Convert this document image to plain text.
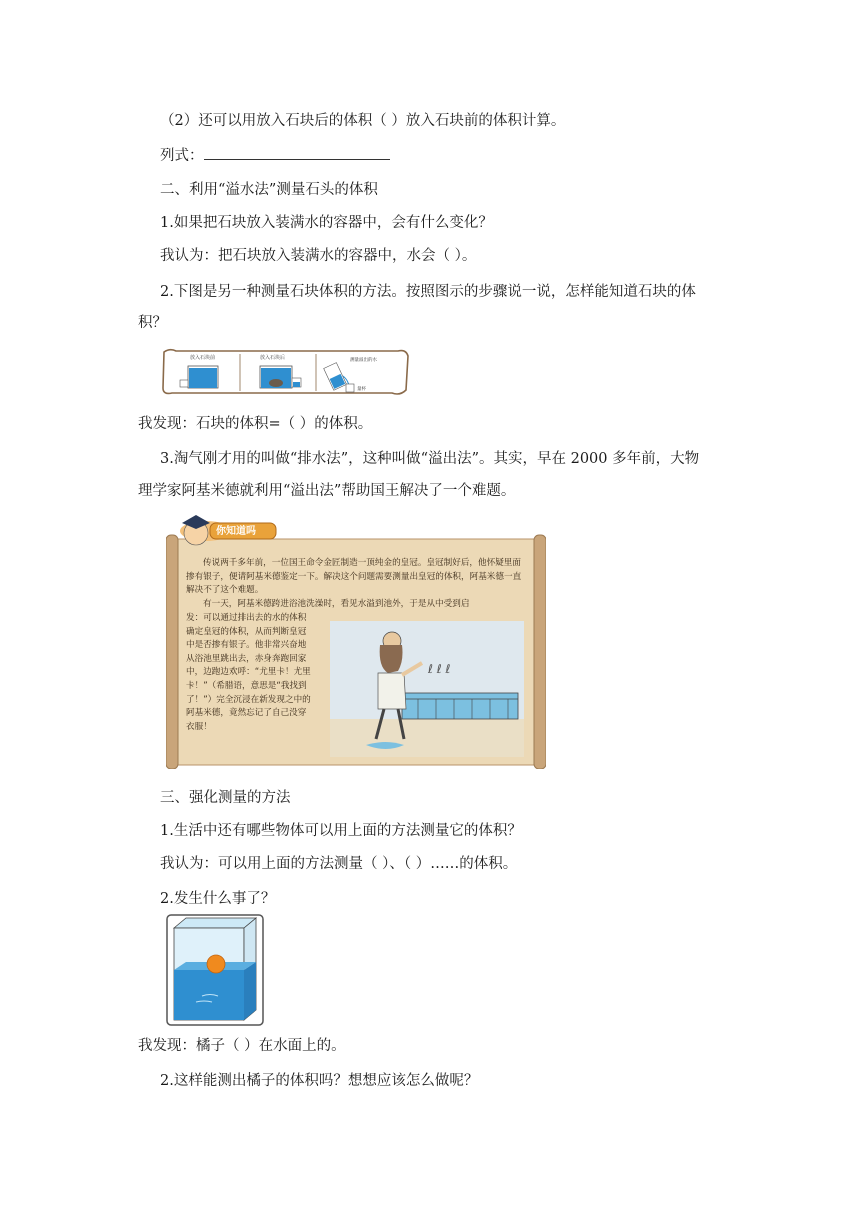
（2）还可以用放入石块后的体积（ ）放入石块前的体积计算。
列式：
二、利用“溢水法”测量石头的体积
1.如果把石块放入装满水的容器中，会有什么变化？
我认为：把石块放入装满水的容器中，水会（ ）。
2.下图是另一种测量石块体积的方法。按照图示的步骤说一说，怎样能知道石块的体
积？
放入石块前	放入石块后	测量溢出的水
量杯
我发现：石块的体积=（ ）的体积。
3.淘气刚才用的叫做“排水法”，这种叫做“溢出法”。其实，早在 2000 多年前，大物
理学家阿基米德就利用“溢出法”帮助国王解决了一个难题。
ℓ ℓ ℓ
你知道吗
传说两千多年前，一位国王命令金匠制造一顶纯金的皇冠。皇冠制好后，他怀疑里面掺有银子，便请阿基米德鉴定一下。解决这个问题需要测量出皇冠的体积，阿基米德一直解决不了这个难题。
有一天，阿基米德跨进浴池洗澡时，看见水溢到池外，于是从中受到启
发：可以通过排出去的水的体积确定皇冠的体积，从而判断皇冠中是否掺有银子。他非常兴奋地从浴池里跳出去，赤身奔跑回家中，边跑边欢呼：“尤里卡！尤里卡！”（希腊语，意思是“我找到了！”）完全沉浸在新发现之中的阿基米德，竟然忘记了自己没穿衣服！
三、强化测量的方法
1.生活中还有哪些物体可以用上面的方法测量它的体积？
我认为：可以用上面的方法测量（ ）、（ ）……的体积。
2.发生什么事了？
我发现：橘子（ ）在水面上的。
2.这样能测出橘子的体积吗？想想应该怎么做呢？
